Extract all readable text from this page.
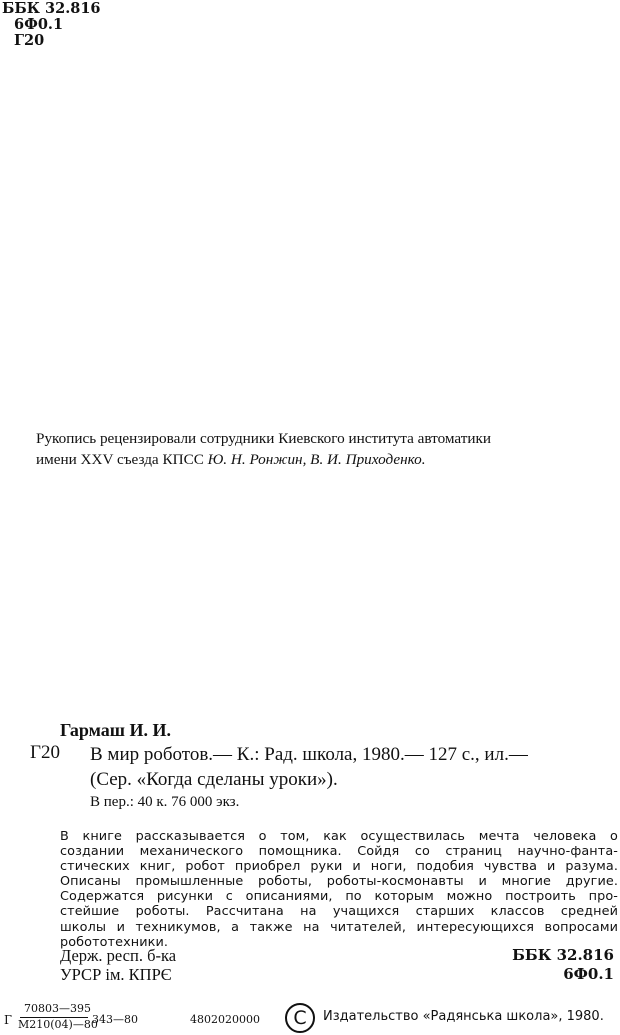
ББК 32.816
6Ф0.1
Г20
Рукопись рецензировали сотрудники Киевского института автоматики
имени XXV съезда КПСС Ю. Н. Ронжин, В. И. Приходенко.
Гармаш И. И.
Г20 В мир роботов.— К.: Рад. школа, 1980.— 127 с., ил.—
(Сер. «Когда сделаны уроки»).
В пер.: 40 к. 76 000 экз.
В книге рассказывается о том, как осуществилась мечта человека о
создании механического помощника. Сойдя со страниц научно-фанта-
стических книг, робот приобрел руки и ноги, подобия чувства и разума.
Описаны промышленные роботы, роботы-космонавты и многие другие.
Содержатся рисунки с описаниями, по которым можно построить про-
стейшие роботы. Рассчитана на учащихся старших классов средней
школы и техникумов, а также на читателей, интересующихся вопросами
робототехники.
Держ. респ. б-ка
УРСР ім. КПРЄ
ББК 32.816
6Ф0.1
Г
70803—395
М210(04)—80
343—80	4802020000	C	Издательство «Радянська школа», 1980.
